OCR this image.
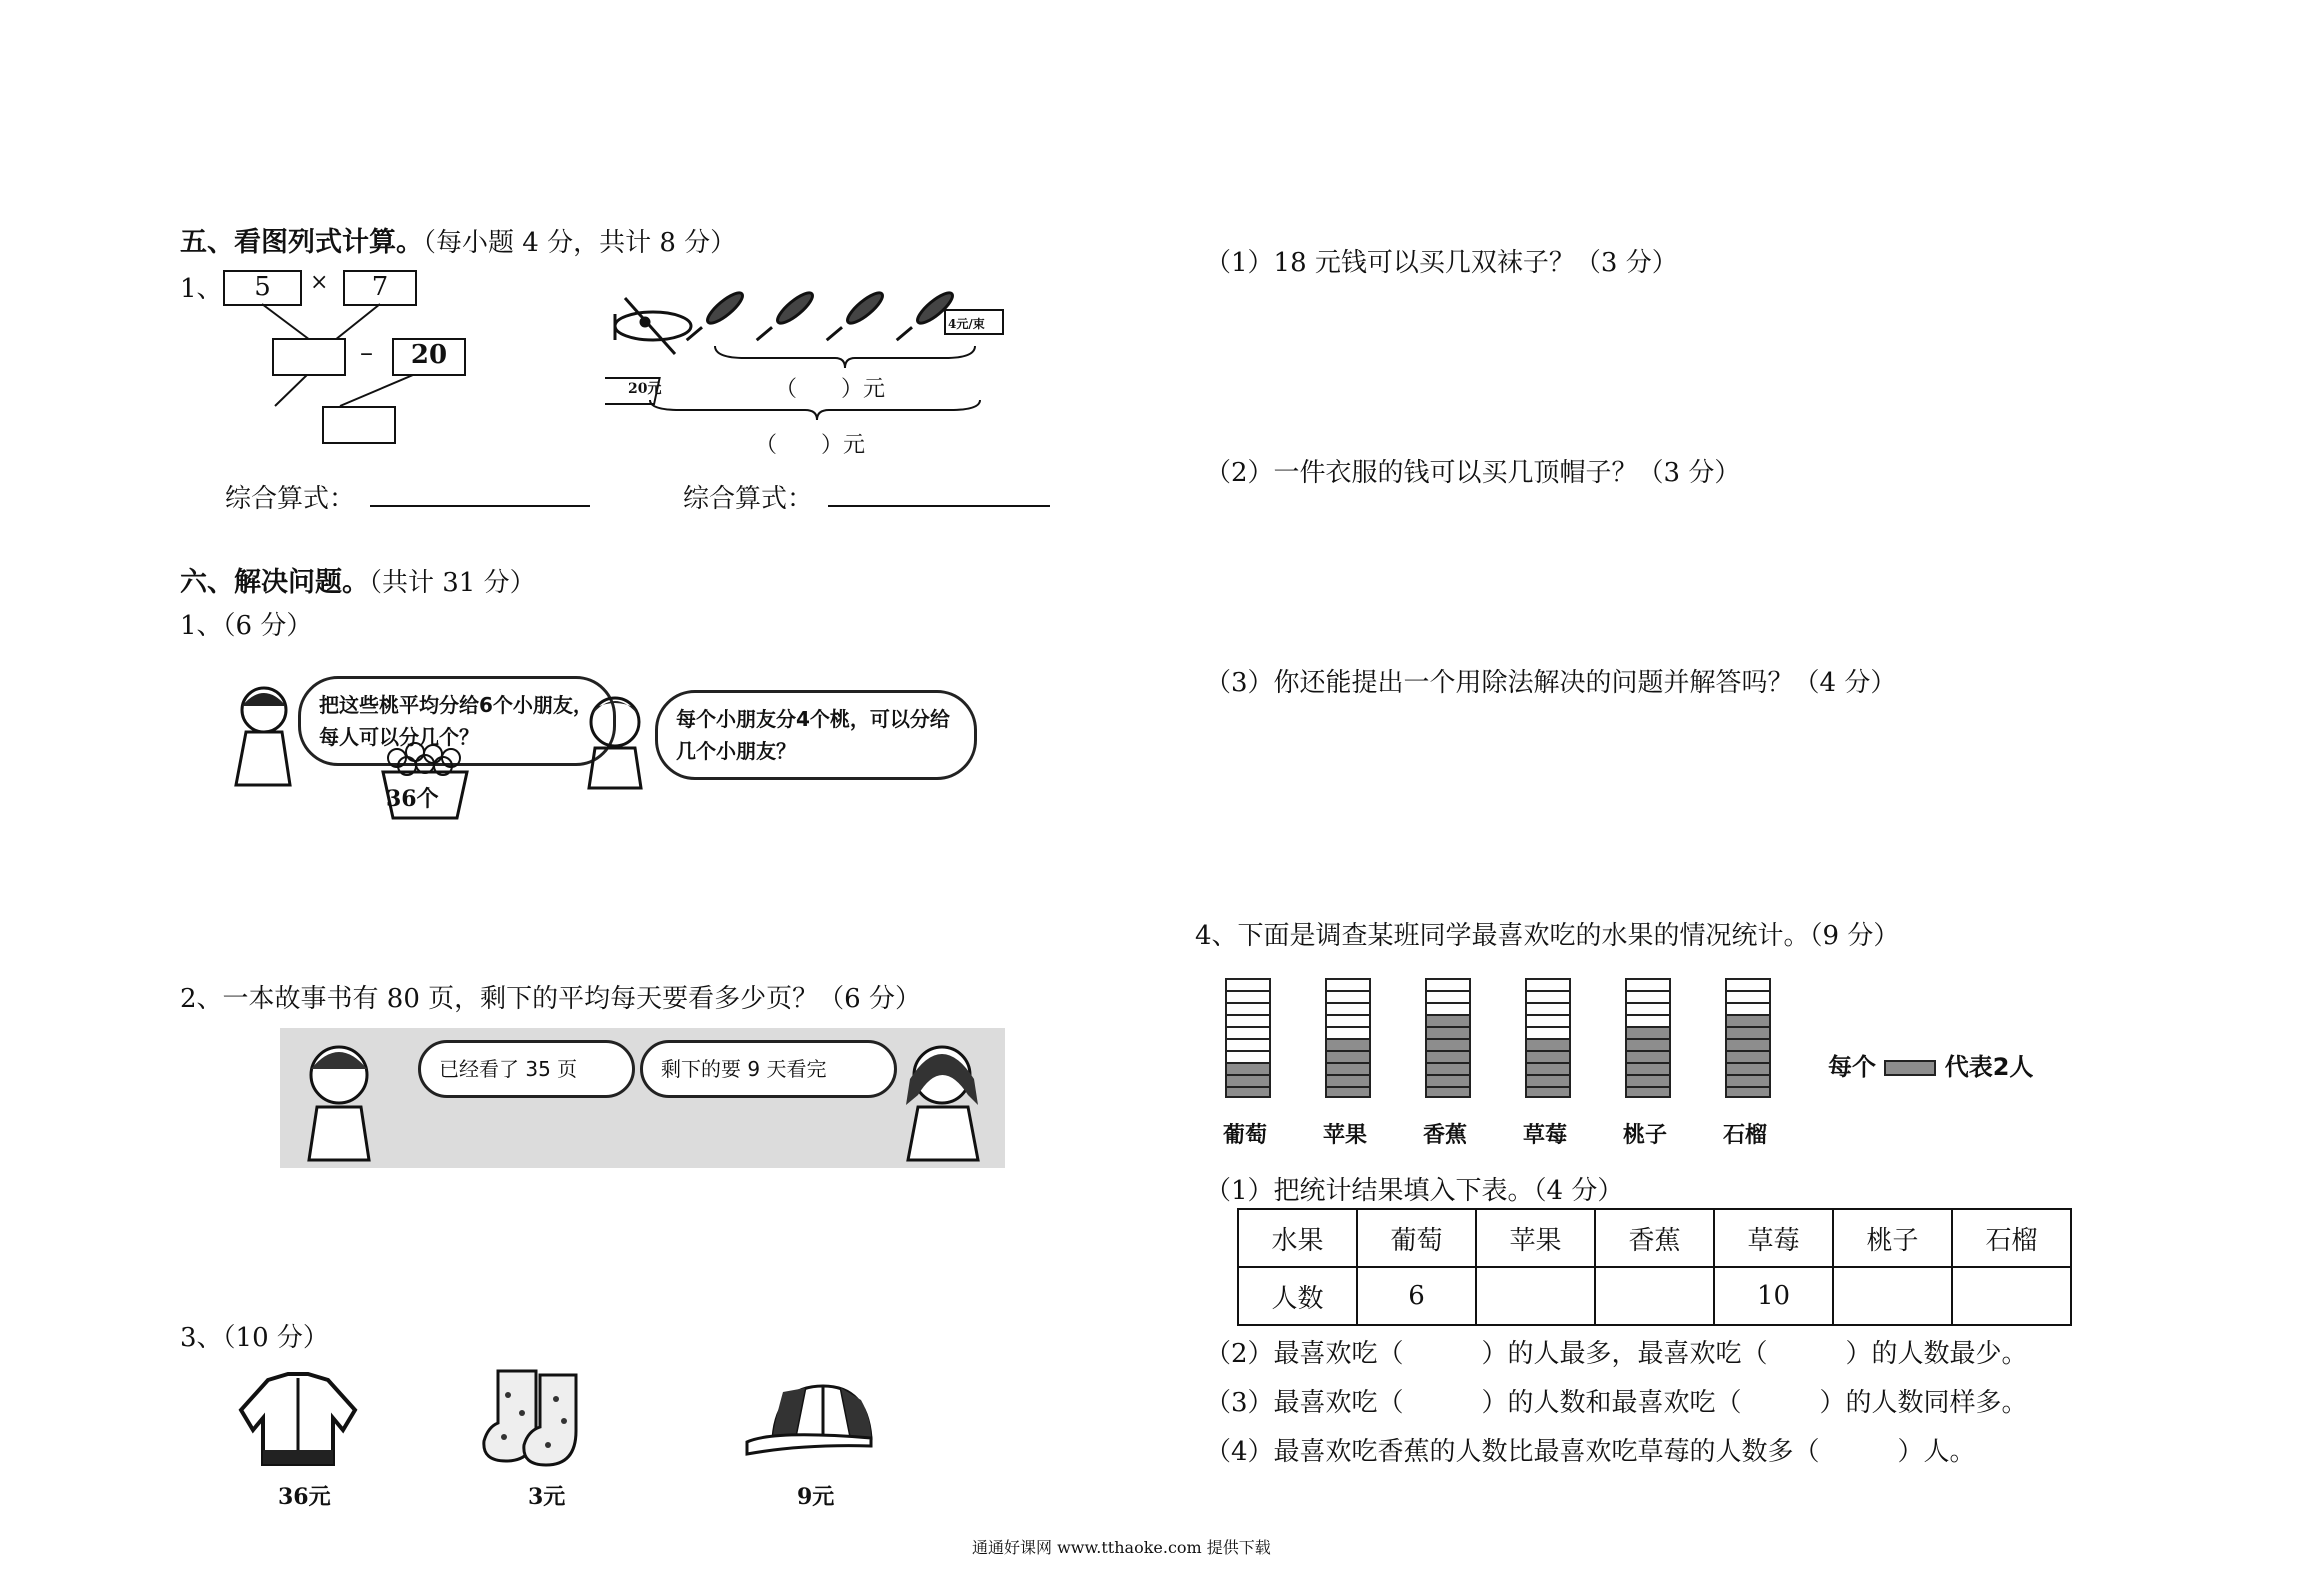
五、看图列式计算。（每小题 4 分，共计 8 分）
1、	5	×	7
–	20
20元
4元/束
（　　）元
（　　）元
综合算式：	综合算式：
六、解决问题。（共计 31 分）
1、（6 分）
把这些桃平均分给6个小朋友，每人可以分几个？
36个
每个小朋友分4个桃，可以分给几个小朋友？
2、一本故事书有 80 页，剩下的平均每天要看多少页？（6 分）
已经看了 35 页	剩下的要 9 天看完
3、（10 分）
36元	3元	9元
（1）18 元钱可以买几双袜子？（3 分）
（2）一件衣服的钱可以买几顶帽子？（3 分）
（3）你还能提出一个用除法解决的问题并解答吗？（4 分）
4、下面是调查某班同学最喜欢吃的水果的情况统计。（9 分）
葡萄	苹果	香蕉	草莓	桃子	石榴
每个	代表2人
（1）把统计结果填入下表。（4 分）
水果	葡萄	苹果	香蕉	草莓	桃子	石榴
人数	6			10		
（2）最喜欢吃（　　　）的人最多，最喜欢吃（　　　）的人数最少。
（3）最喜欢吃（　　　）的人数和最喜欢吃（　　　）的人数同样多。
（4）最喜欢吃香蕉的人数比最喜欢吃草莓的人数多（　　　）人。
通通好课网 www.tthaoke.com 提供下载
